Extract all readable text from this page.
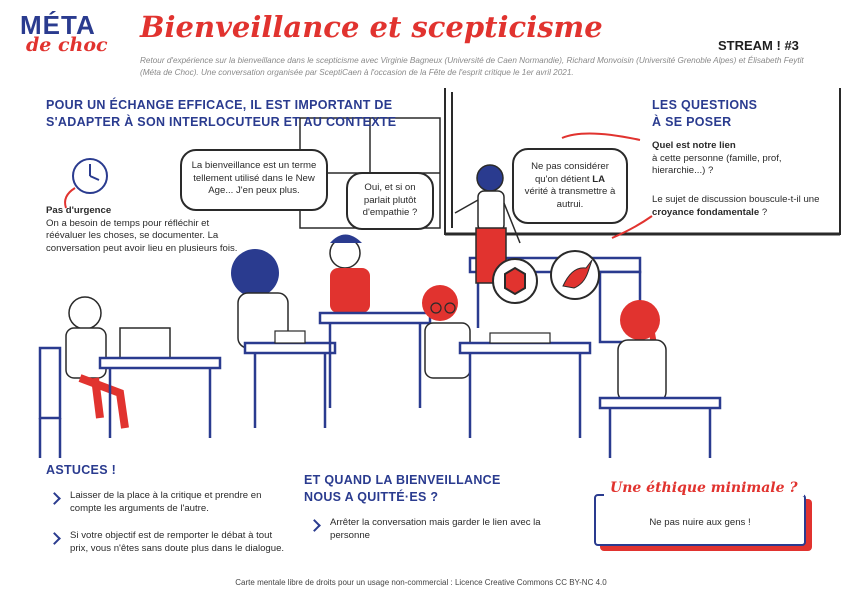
MÉTA
de choc
Bienveillance et scepticisme
STREAM ! #3
Retour d'expérience sur la bienveillance dans le scepticisme avec Virginie Bagneux (Université de Caen Normandie), Richard Monvoisin (Université Grenoble Alpes) et Élisabeth Feytit (Méta de Choc). Une conversation organisée par SceptiCaen à l'occasion de la Fête de l'esprit critique le 1er avril 2021.
POUR UN ÉCHANGE EFFICACE, IL EST IMPORTANT DE
S'ADAPTER À SON INTERLOCUTEUR ET AU CONTEXTE
Pas d'urgence
On a besoin de temps pour réfléchir et réévaluer les choses, se documenter. La conversation peut avoir lieu en plusieurs fois.
La bienveillance est un terme tellement utilisé dans le New Age... J'en peux plus.	Oui, et si on parlait plutôt d'empathie ?
Ne pas considérer qu'on détient LA vérité à transmettre à autrui.
LES QUESTIONS
À SE POSER
Quel est notre lien
à cette personne (famille, prof, hierarchie...) ?
Le sujet de discussion bouscule-t-il une croyance fondamentale ?
ASTUCES !
Laisser de la place à la critique et prendre en compte les arguments de l'autre.
Si votre objectif est de remporter le débat à tout prix, vous n'êtes sans doute plus dans le dialogue.
ET QUAND LA BIENVEILLANCE
NOUS A QUITTÉ·ES ?
Arrêter la conversation mais garder le lien avec la personne
Une éthique minimale ?
Ne pas nuire aux gens !
Carte mentale libre de droits pour un usage non-commercial : Licence Creative Commons CC BY-NC 4.0
